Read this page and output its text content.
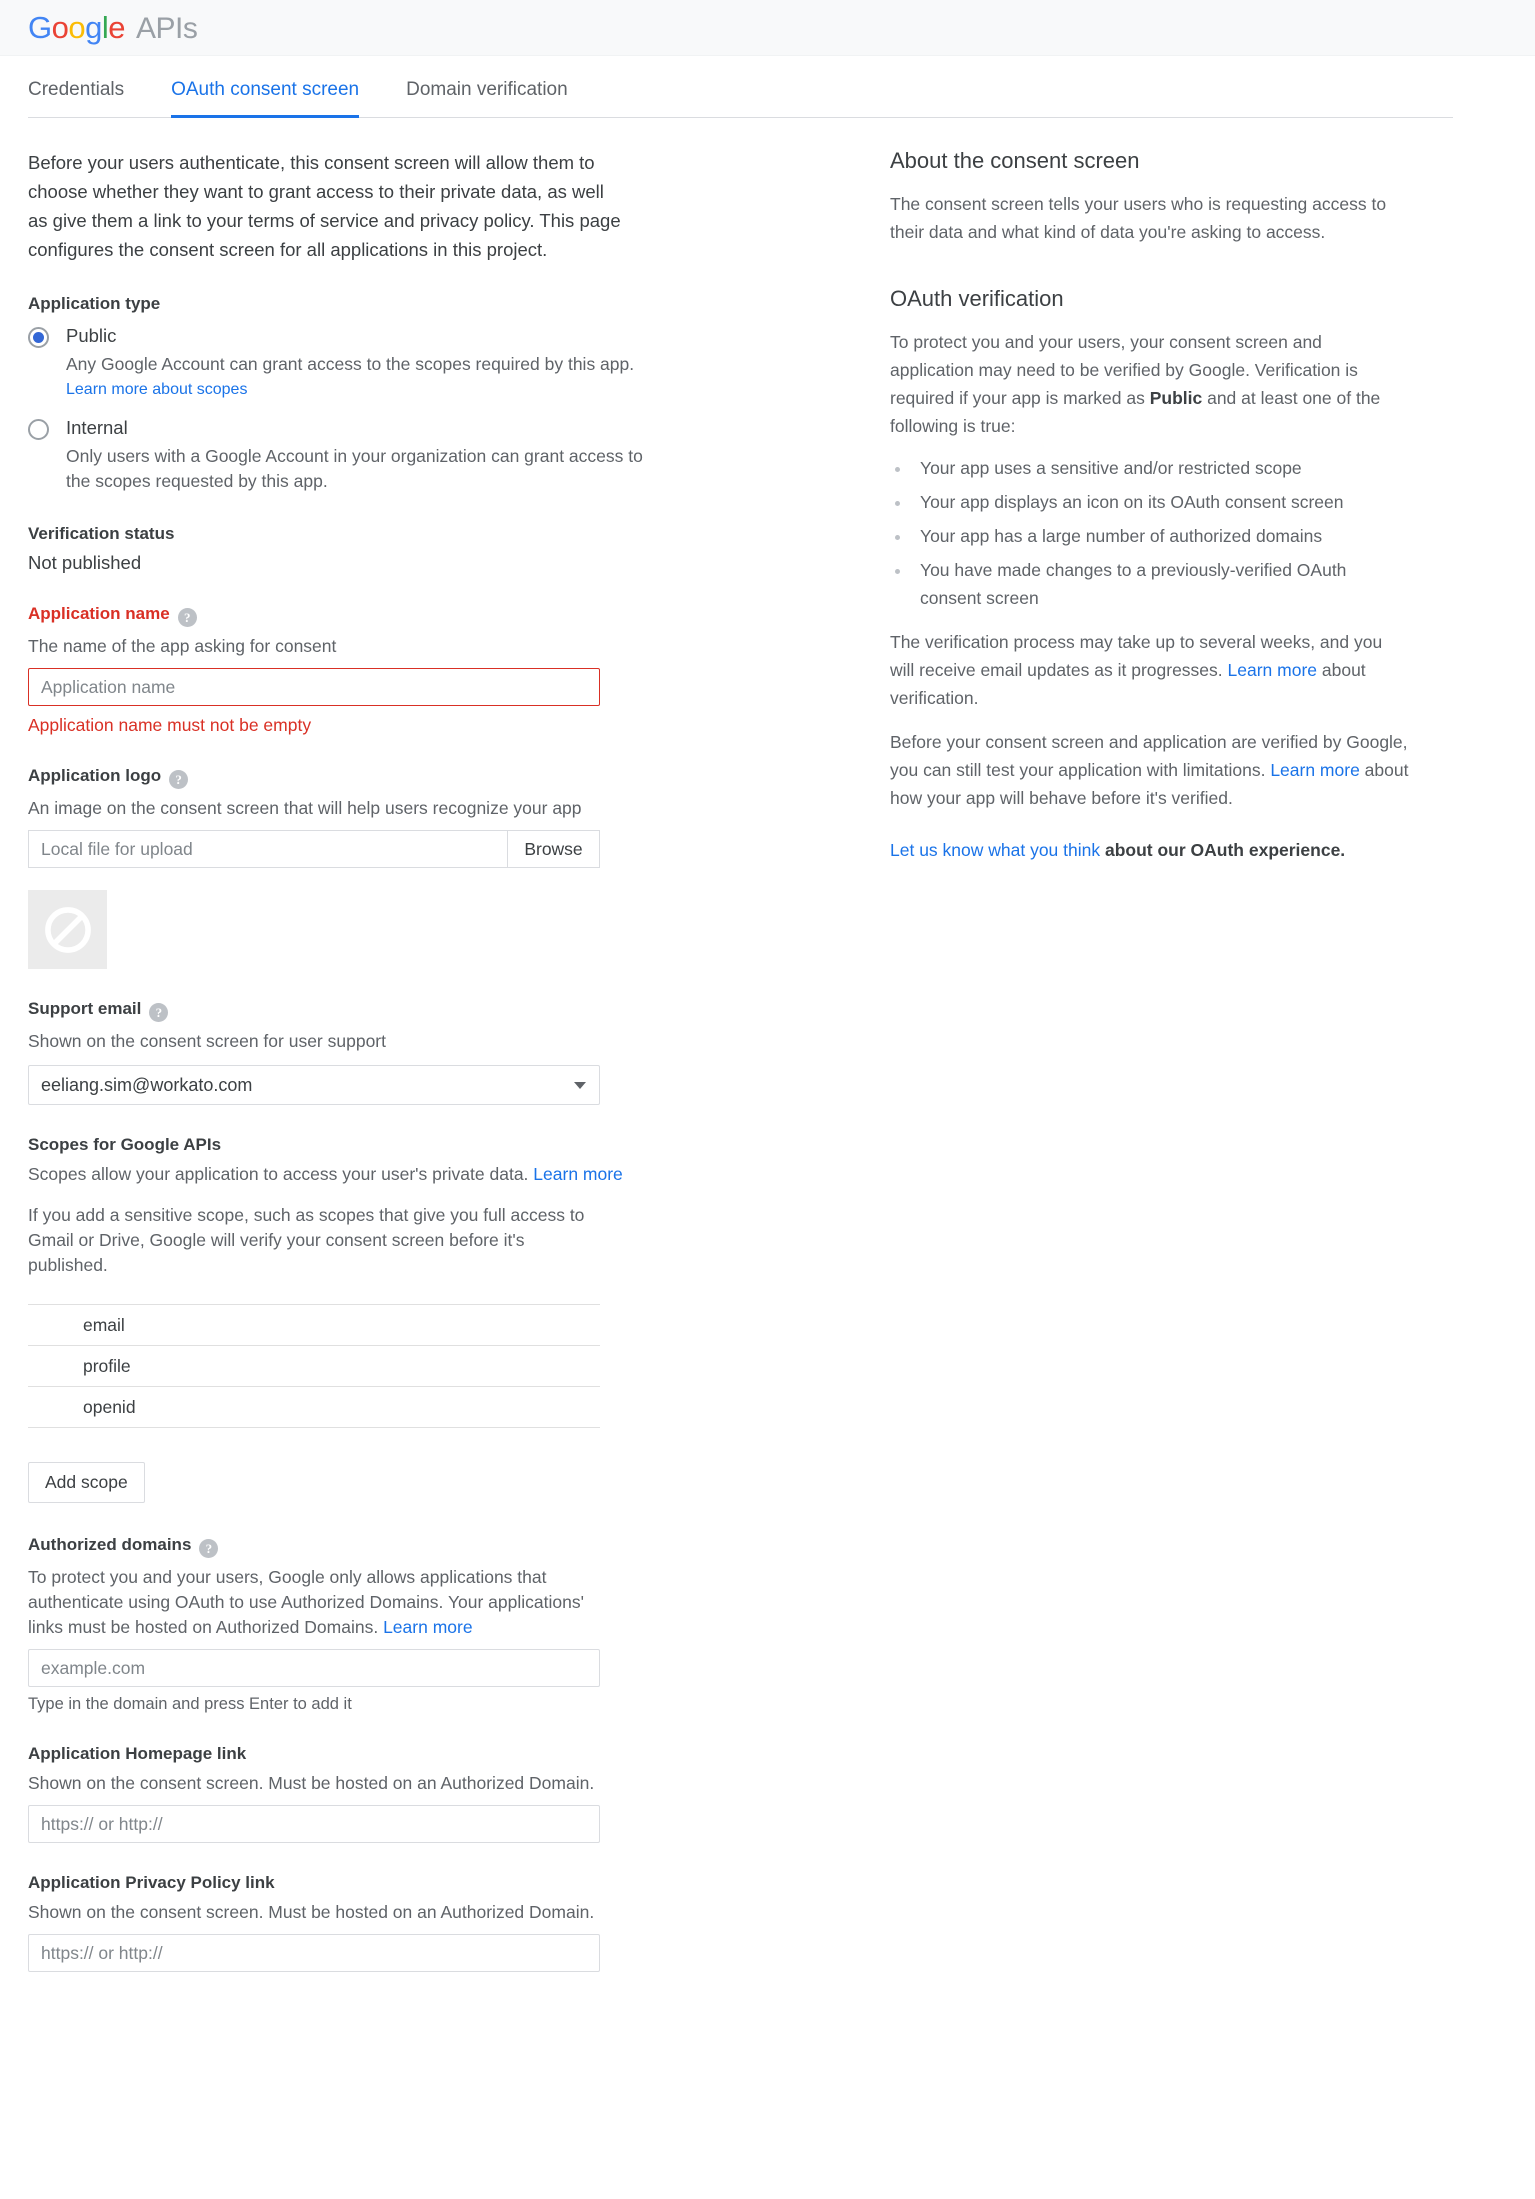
Google APIs
Credentials OAuth consent screen Domain verification

Before your users authenticate, this consent screen will allow them to choose whether they want to grant access to their private data, as well as give them a link to your terms of service and privacy policy. This page configures the consent screen for all applications in this project.

Application type
Public
Any Google Account can grant access to the scopes required by this app.
Learn more about scopes
Internal
Only users with a Google Account in your organization can grant access to the scopes requested by this app.
Verification status
Not published
Application name ?
The name of the app asking for consent
Application name
Application name must not be empty
Application logo ?
An image on the consent screen that will help users recognize your app
Local file for upload
Browse
Support email ?
Shown on the consent screen for user support
eeliang.sim@workato.com
Scopes for Google APIs
Scopes allow your application to access your user's private data. Learn more
If you add a sensitive scope, such as scopes that give you full access to Gmail or Drive, Google will verify your consent screen before it's published.
email
profile
openid
Add scope
Authorized domains ?
To protect you and your users, Google only allows applications that authenticate using OAuth to use Authorized Domains. Your applications' links must be hosted on Authorized Domains. Learn more
example.com
Type in the domain and press Enter to add it
Application Homepage link
Shown on the consent screen. Must be hosted on an Authorized Domain.
https:// or http://
Application Privacy Policy link
Shown on the consent screen. Must be hosted on an Authorized Domain.
https:// or http://
About the consent screen

The consent screen tells your users who is requesting access to their data and what kind of data you're asking to access.

OAuth verification

To protect you and your users, your consent screen and application may need to be verified by Google. Verification is required if your app is marked as Public and at least one of the following is true:

• Your app uses a sensitive and/or restricted scope
• Your app displays an icon on its OAuth consent screen
• Your app has a large number of authorized domains
• You have made changes to a previously-verified OAuth consent screen

The verification process may take up to several weeks, and you will receive email updates as it progresses. Learn more about verification.

Before your consent screen and application are verified by Google, you can still test your application with limitations. Learn more about how your app will behave before it's verified.

Let us know what you think about our OAuth experience.
